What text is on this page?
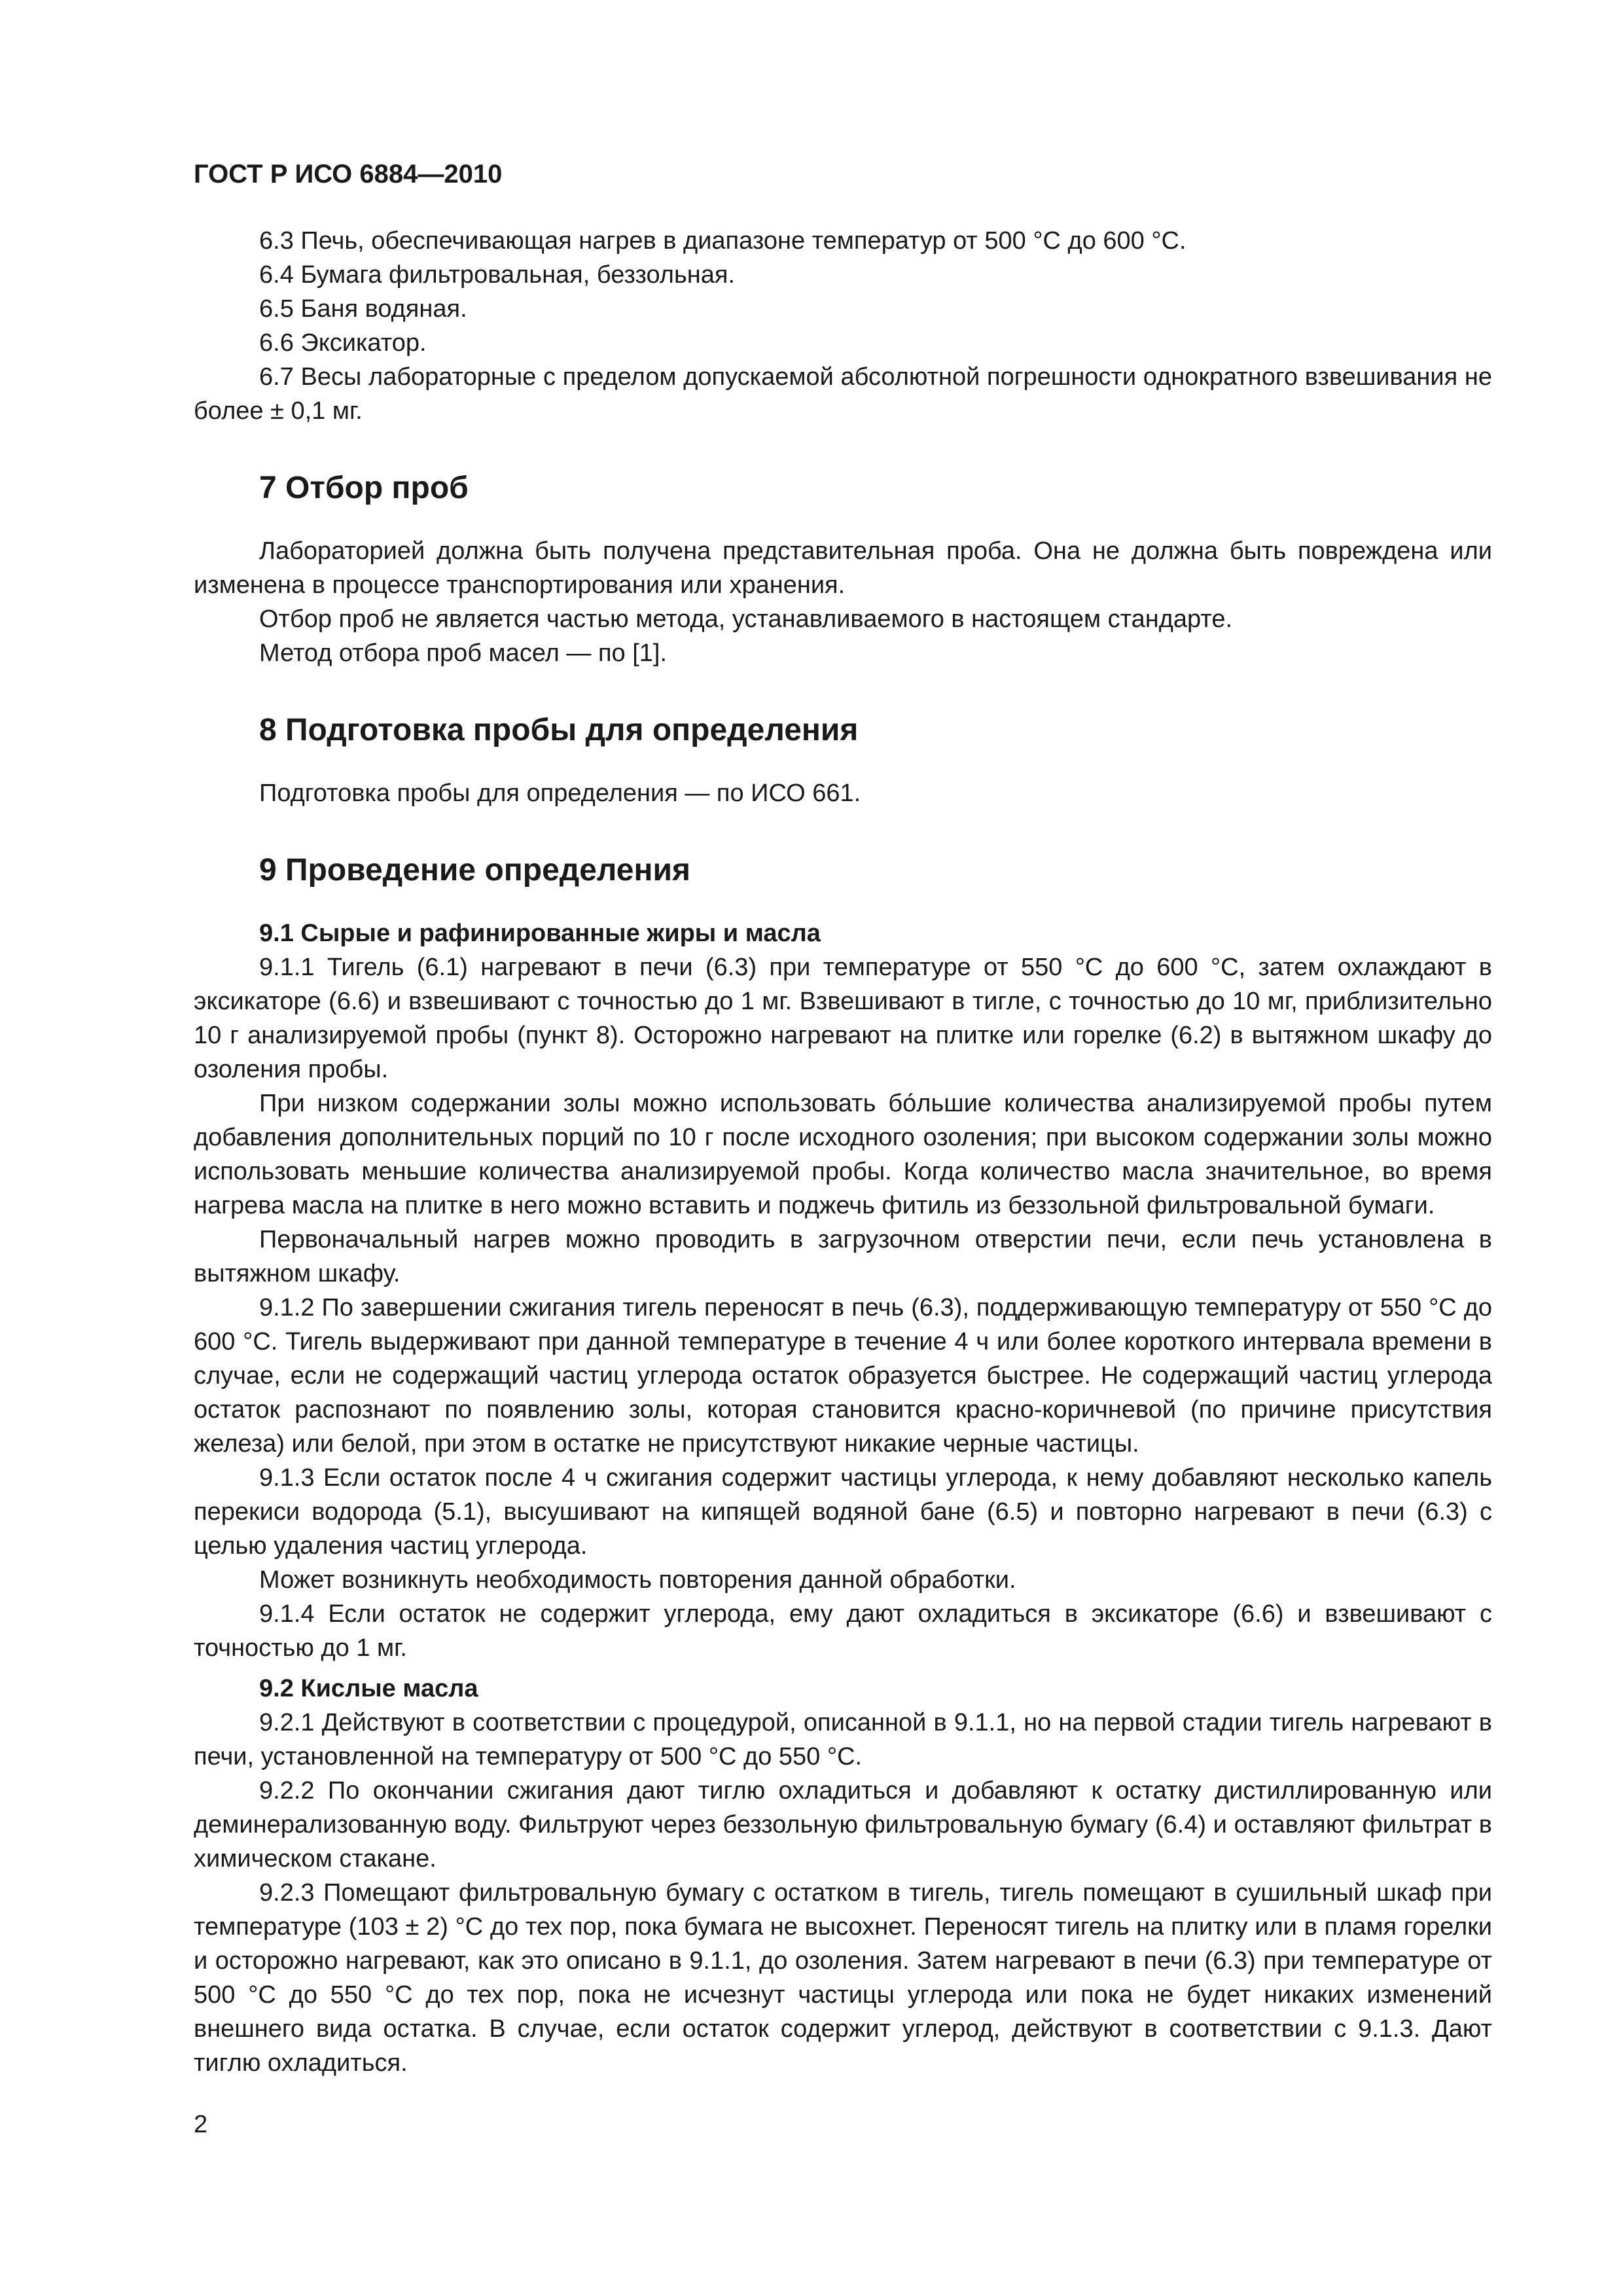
ГОСТ Р ИСО 6884—2010

6.3 Печь, обеспечивающая нагрев в диапазоне температур от 500 °C до 600 °C.

6.4 Бумага фильтровальная, беззольная.

6.5 Баня водяная.

6.6 Эксикатор.

6.7 Весы лабораторные с пределом допускаемой абсолютной погрешности однократного взвешивания не более ± 0,1 мг.

7 Отбор проб

Лабораторией должна быть получена представительная проба. Она не должна быть повреждена или изменена в процессе транспортирования или хранения.

Отбор проб не является частью метода, устанавливаемого в настоящем стандарте.

Метод отбора проб масел — по [1].

8 Подготовка пробы для определения

Подготовка пробы для определения — по ИСО 661.

9 Проведение определения
9.1 Сырые и рафинированные жиры и масла

9.1.1 Тигель (6.1) нагревают в печи (6.3) при температуре от 550 °C до 600 °C, затем охлаждают в эксикаторе (6.6) и взвешивают с точностью до 1 мг. Взвешивают в тигле, с точностью до 10 мг, приблизительно 10 г анализируемой пробы (пункт 8). Осторожно нагревают на плитке или горелке (6.2) в вытяжном шкафу до озоления пробы.

При низком содержании золы можно использовать бо́льшие количества анализируемой пробы путем добавления дополнительных порций по 10 г после исходного озоления; при высоком содержании золы можно использовать меньшие количества анализируемой пробы. Когда количество масла значительное, во время нагрева масла на плитке в него можно вставить и поджечь фитиль из беззольной фильтровальной бумаги.

Первоначальный нагрев можно проводить в загрузочном отверстии печи, если печь установлена в вытяжном шкафу.

9.1.2 По завершении сжигания тигель переносят в печь (6.3), поддерживающую температуру от 550 °C до 600 °C. Тигель выдерживают при данной температуре в течение 4 ч или более короткого интервала времени в случае, если не содержащий частиц углерода остаток образуется быстрее. Не содержащий частиц углерода остаток распознают по появлению золы, которая становится красно-коричневой (по причине присутствия железа) или белой, при этом в остатке не присутствуют никакие черные частицы.

9.1.3 Если остаток после 4 ч сжигания содержит частицы углерода, к нему добавляют несколько капель перекиси водорода (5.1), высушивают на кипящей водяной бане (6.5) и повторно нагревают в печи (6.3) с целью удаления частиц углерода.

Может возникнуть необходимость повторения данной обработки.

9.1.4 Если остаток не содержит углерода, ему дают охладиться в эксикаторе (6.6) и взвешивают с точностью до 1 мг.

9.2 Кислые масла

9.2.1 Действуют в соответствии с процедурой, описанной в 9.1.1, но на первой стадии тигель нагревают в печи, установленной на температуру от 500 °C до 550 °C.

9.2.2 По окончании сжигания дают тиглю охладиться и добавляют к остатку дистиллированную или деминерализованную воду. Фильтруют через беззольную фильтровальную бумагу (6.4) и оставляют фильтрат в химическом стакане.

9.2.3 Помещают фильтровальную бумагу с остатком в тигель, тигель помещают в сушильный шкаф при температуре (103 ± 2) °C до тех пор, пока бумага не высохнет. Переносят тигель на плитку или в пламя горелки и осторожно нагревают, как это описано в 9.1.1, до озоления. Затем нагревают в печи (6.3) при температуре от 500 °C до 550 °C до тех пор, пока не исчезнут частицы углерода или пока не будет никаких изменений внешнего вида остатка. В случае, если остаток содержит углерод, действуют в соответствии с 9.1.3. Дают тиглю охладиться.

2
